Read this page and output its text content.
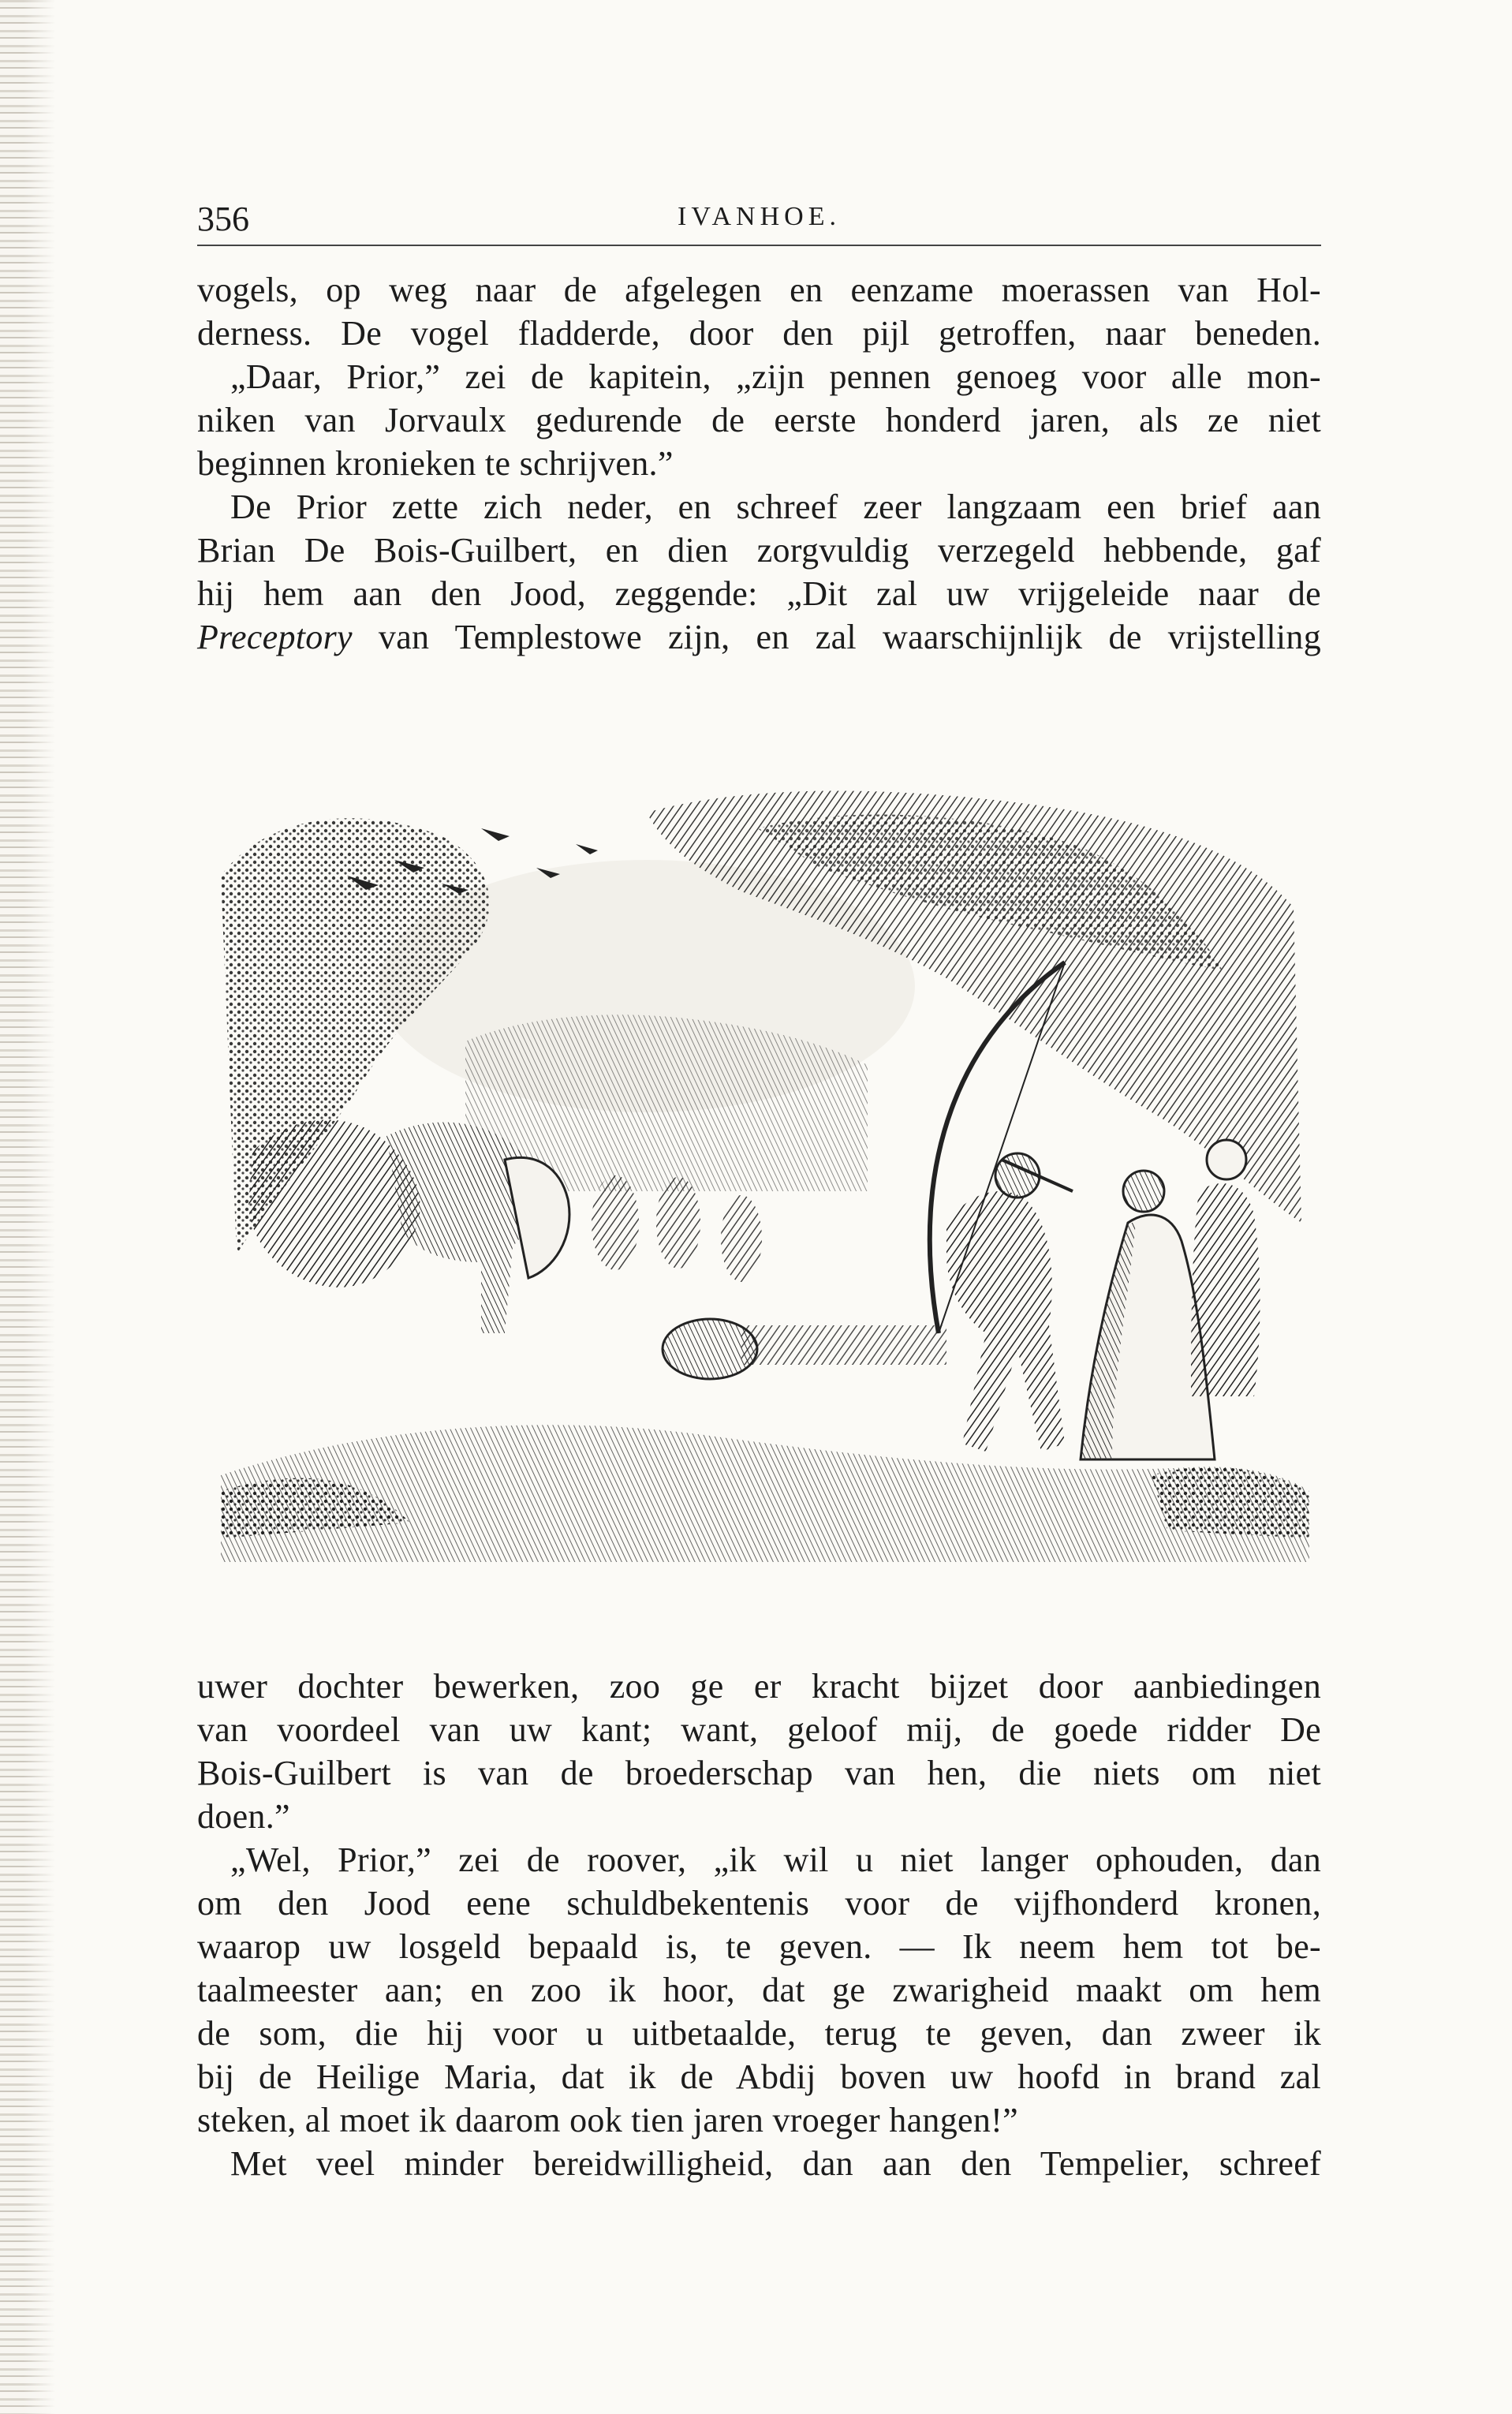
356	IVANHOE.
vogels, op weg naar de afgelegen en eenzame moerassen van Hol-
derness. De vogel fladderde, door den pijl getroffen, naar beneden.
„Daar, Prior,” zei de kapitein, „zijn pennen genoeg voor alle mon-
niken van Jorvaulx gedurende de eerste honderd jaren, als ze niet
beginnen kronieken te schrijven.”
De Prior zette zich neder, en schreef zeer langzaam een brief aan
Brian De Bois-Guilbert, en dien zorgvuldig verzegeld hebbende, gaf
hij hem aan den Jood, zeggende: „Dit zal uw vrijgeleide naar de
Preceptory van Templestowe zijn, en zal waarschijnlijk de vrijstelling
uwer dochter bewerken, zoo ge er kracht bijzet door aanbiedingen
van voordeel van uw kant; want, geloof mij, de goede ridder De
Bois-Guilbert is van de broederschap van hen, die niets om niet
doen.”
„Wel, Prior,” zei de roover, „ik wil u niet langer ophouden, dan
om den Jood eene schuldbekentenis voor de vijfhonderd kronen,
waarop uw losgeld bepaald is, te geven. — Ik neem hem tot be-
taalmeester aan; en zoo ik hoor, dat ge zwarigheid maakt om hem
de som, die hij voor u uitbetaalde, terug te geven, dan zweer ik
bij de Heilige Maria, dat ik de Abdij boven uw hoofd in brand zal
steken, al moet ik daarom ook tien jaren vroeger hangen!”
Met veel minder bereidwilligheid, dan aan den Tempelier, schreef
